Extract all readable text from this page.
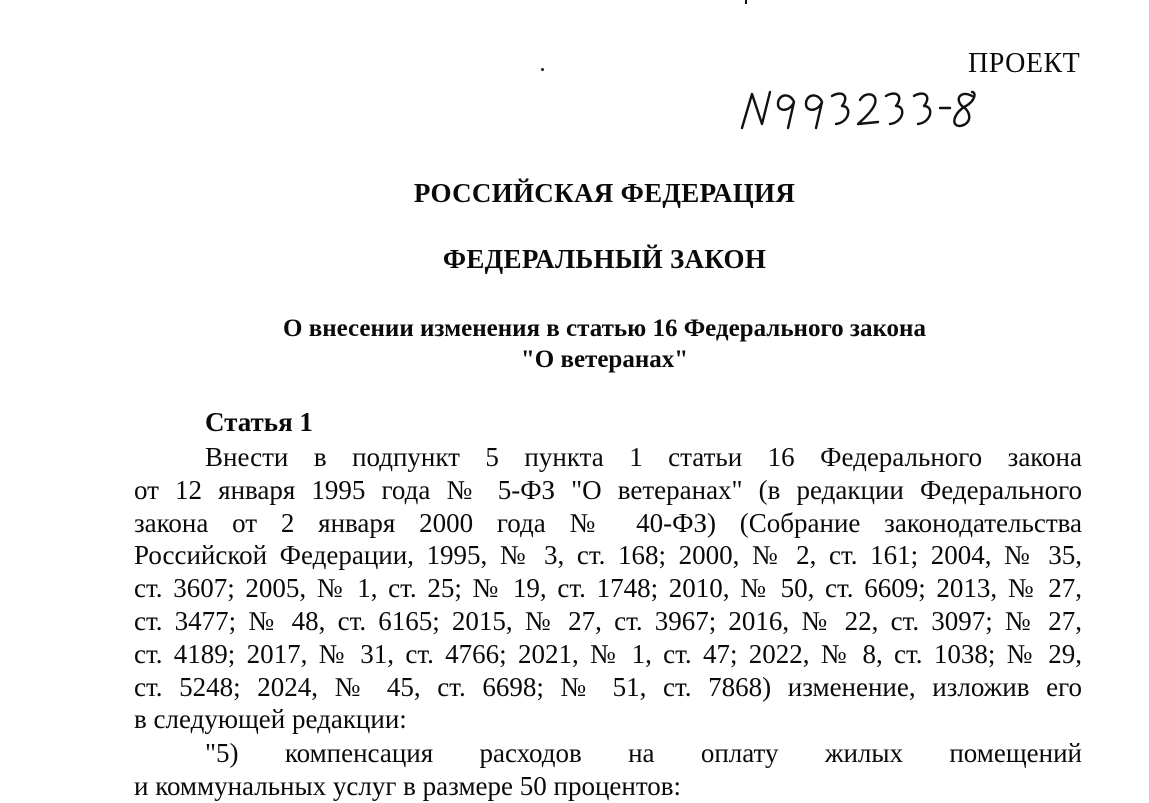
ПРОЕКТ
РОССИЙСКАЯ ФЕДЕРАЦИЯ
ФЕДЕРАЛЬНЫЙ ЗАКОН
О внесении изменения в статью 16 Федерального закона
"О ветеранах"
Статья 1
Внести в подпункт 5 пункта 1 статьи 16 Федерального закона
от 12 января 1995 года № 5-ФЗ "О ветеранах" (в редакции Федерального
закона от 2 января 2000 года № 40-ФЗ) (Собрание законодательства
Российской Федерации, 1995, № 3, ст. 168; 2000, № 2, ст. 161; 2004, № 35,
ст. 3607; 2005, № 1, ст. 25; № 19, ст. 1748; 2010, № 50, ст. 6609; 2013, № 27,
ст. 3477; № 48, ст. 6165; 2015, № 27, ст. 3967; 2016, № 22, ст. 3097; № 27,
ст. 4189; 2017, № 31, ст. 4766; 2021, № 1, ст. 47; 2022, № 8, ст. 1038; № 29,
ст. 5248; 2024, № 45, ст. 6698; № 51, ст. 7868) изменение, изложив его
в следующей редакции:
"5) компенсация расходов на оплату жилых помещений
и коммунальных услуг в размере 50 процентов:
